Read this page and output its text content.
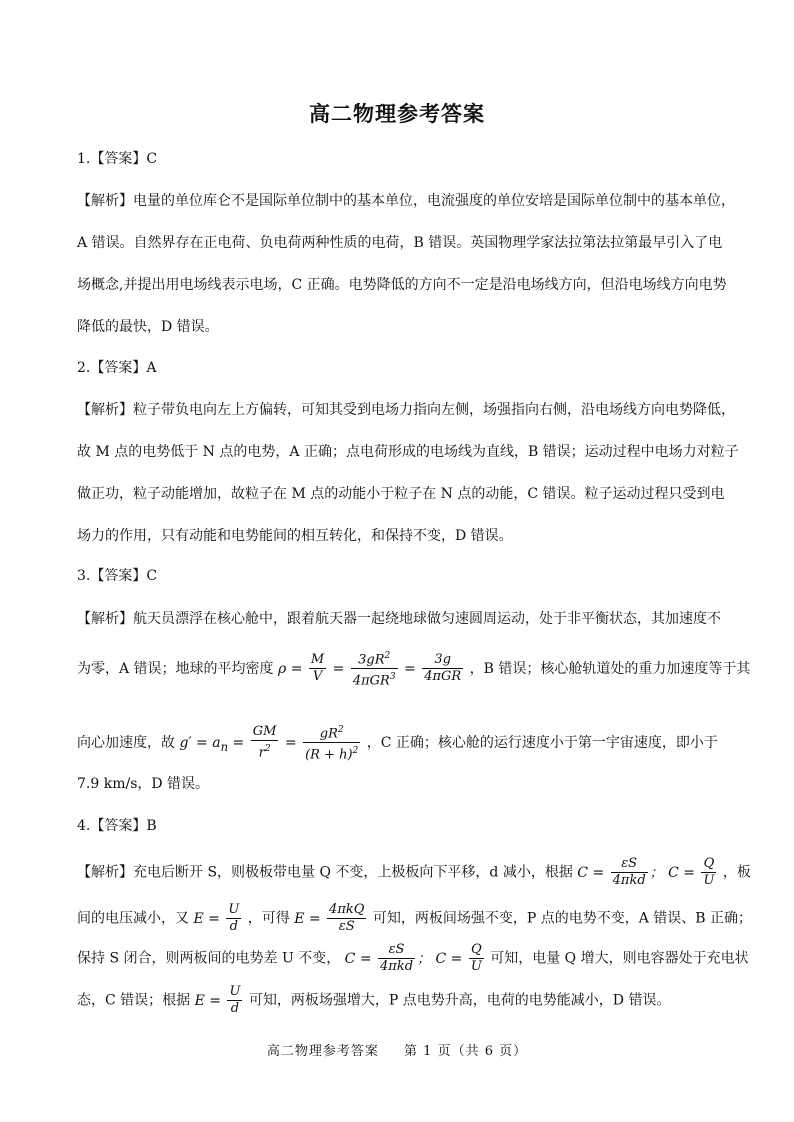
高二物理参考答案
1.【答案】C
【解析】电量的单位库仑不是国际单位制中的基本单位，电流强度的单位安培是国际单位制中的基本单位，
A 错误。自然界存在正电荷、负电荷两种性质的电荷，B 错误。英国物理学家法拉第法拉第最早引入了电
场概念,并提出用电场线表示电场，C 正确。电势降低的方向不一定是沿电场线方向，但沿电场线方向电势
降低的最快，D 错误。
2.【答案】A
【解析】粒子带负电向左上方偏转，可知其受到电场力指向左侧，场强指向右侧，沿电场线方向电势降低，
故 M 点的电势低于 N 点的电势，A 正确；点电荷形成的电场线为直线，B 错误；运动过程中电场力对粒子
做正功，粒子动能增加，故粒子在 M 点的动能小于粒子在 N 点的动能，C 错误。粒子运动过程只受到电
场力的作用，只有动能和电势能间的相互转化，和保持不变，D 错误。
3.【答案】C
【解析】航天员漂浮在核心舱中，跟着航天器一起绕地球做匀速圆周运动，处于非平衡状态，其加速度不
为零，A 错误；地球的平均密度 $\rho = \frac{M}{V} = \frac{3gR^2}{4\pi GR^3} = \frac{3g}{\text{4πGR}}$ ，B 错误；核心舱轨道处的重力加速度等于其
向心加速度，故 $g' = a_n = \frac{GM}{r^2} = \frac{gR^2}{(R + h)^2}$ ，C 正确；核心舱的运行速度小于第一宇宙速度，即小于
7.9 km/s，D 错误。
4.【答案】B
【解析】充电后断开 S，则极板带电量 Q 不变，上极板向下平移，d 减小，根据 $C = \frac{\varepsilon S}{\text{4πkd}}$ ； $C = \frac{Q}{U}$ ，板
间的电压减小，又 $E = \frac{U}{d}$ ，可得 $E = \frac{\text{4πkQ}}{\varepsilon S}$ 可知，两板间场强不变，P 点的电势不变，A 错误、B 正确；
保持 S 闭合，则两板间的电势差 U 不变， $C = \frac{\varepsilon S}{\text{4πkd}}$ ； $C = \frac{Q}{U}$ 可知，电量 Q 增大，则电容器处于充电状
态，C 错误；根据 $E = \frac{U}{d}$ 可知，两板场强增大，P 点电势升高，电荷的电势能减小，D 错误。
高二物理参考答案 第 1 页（共 6 页）
